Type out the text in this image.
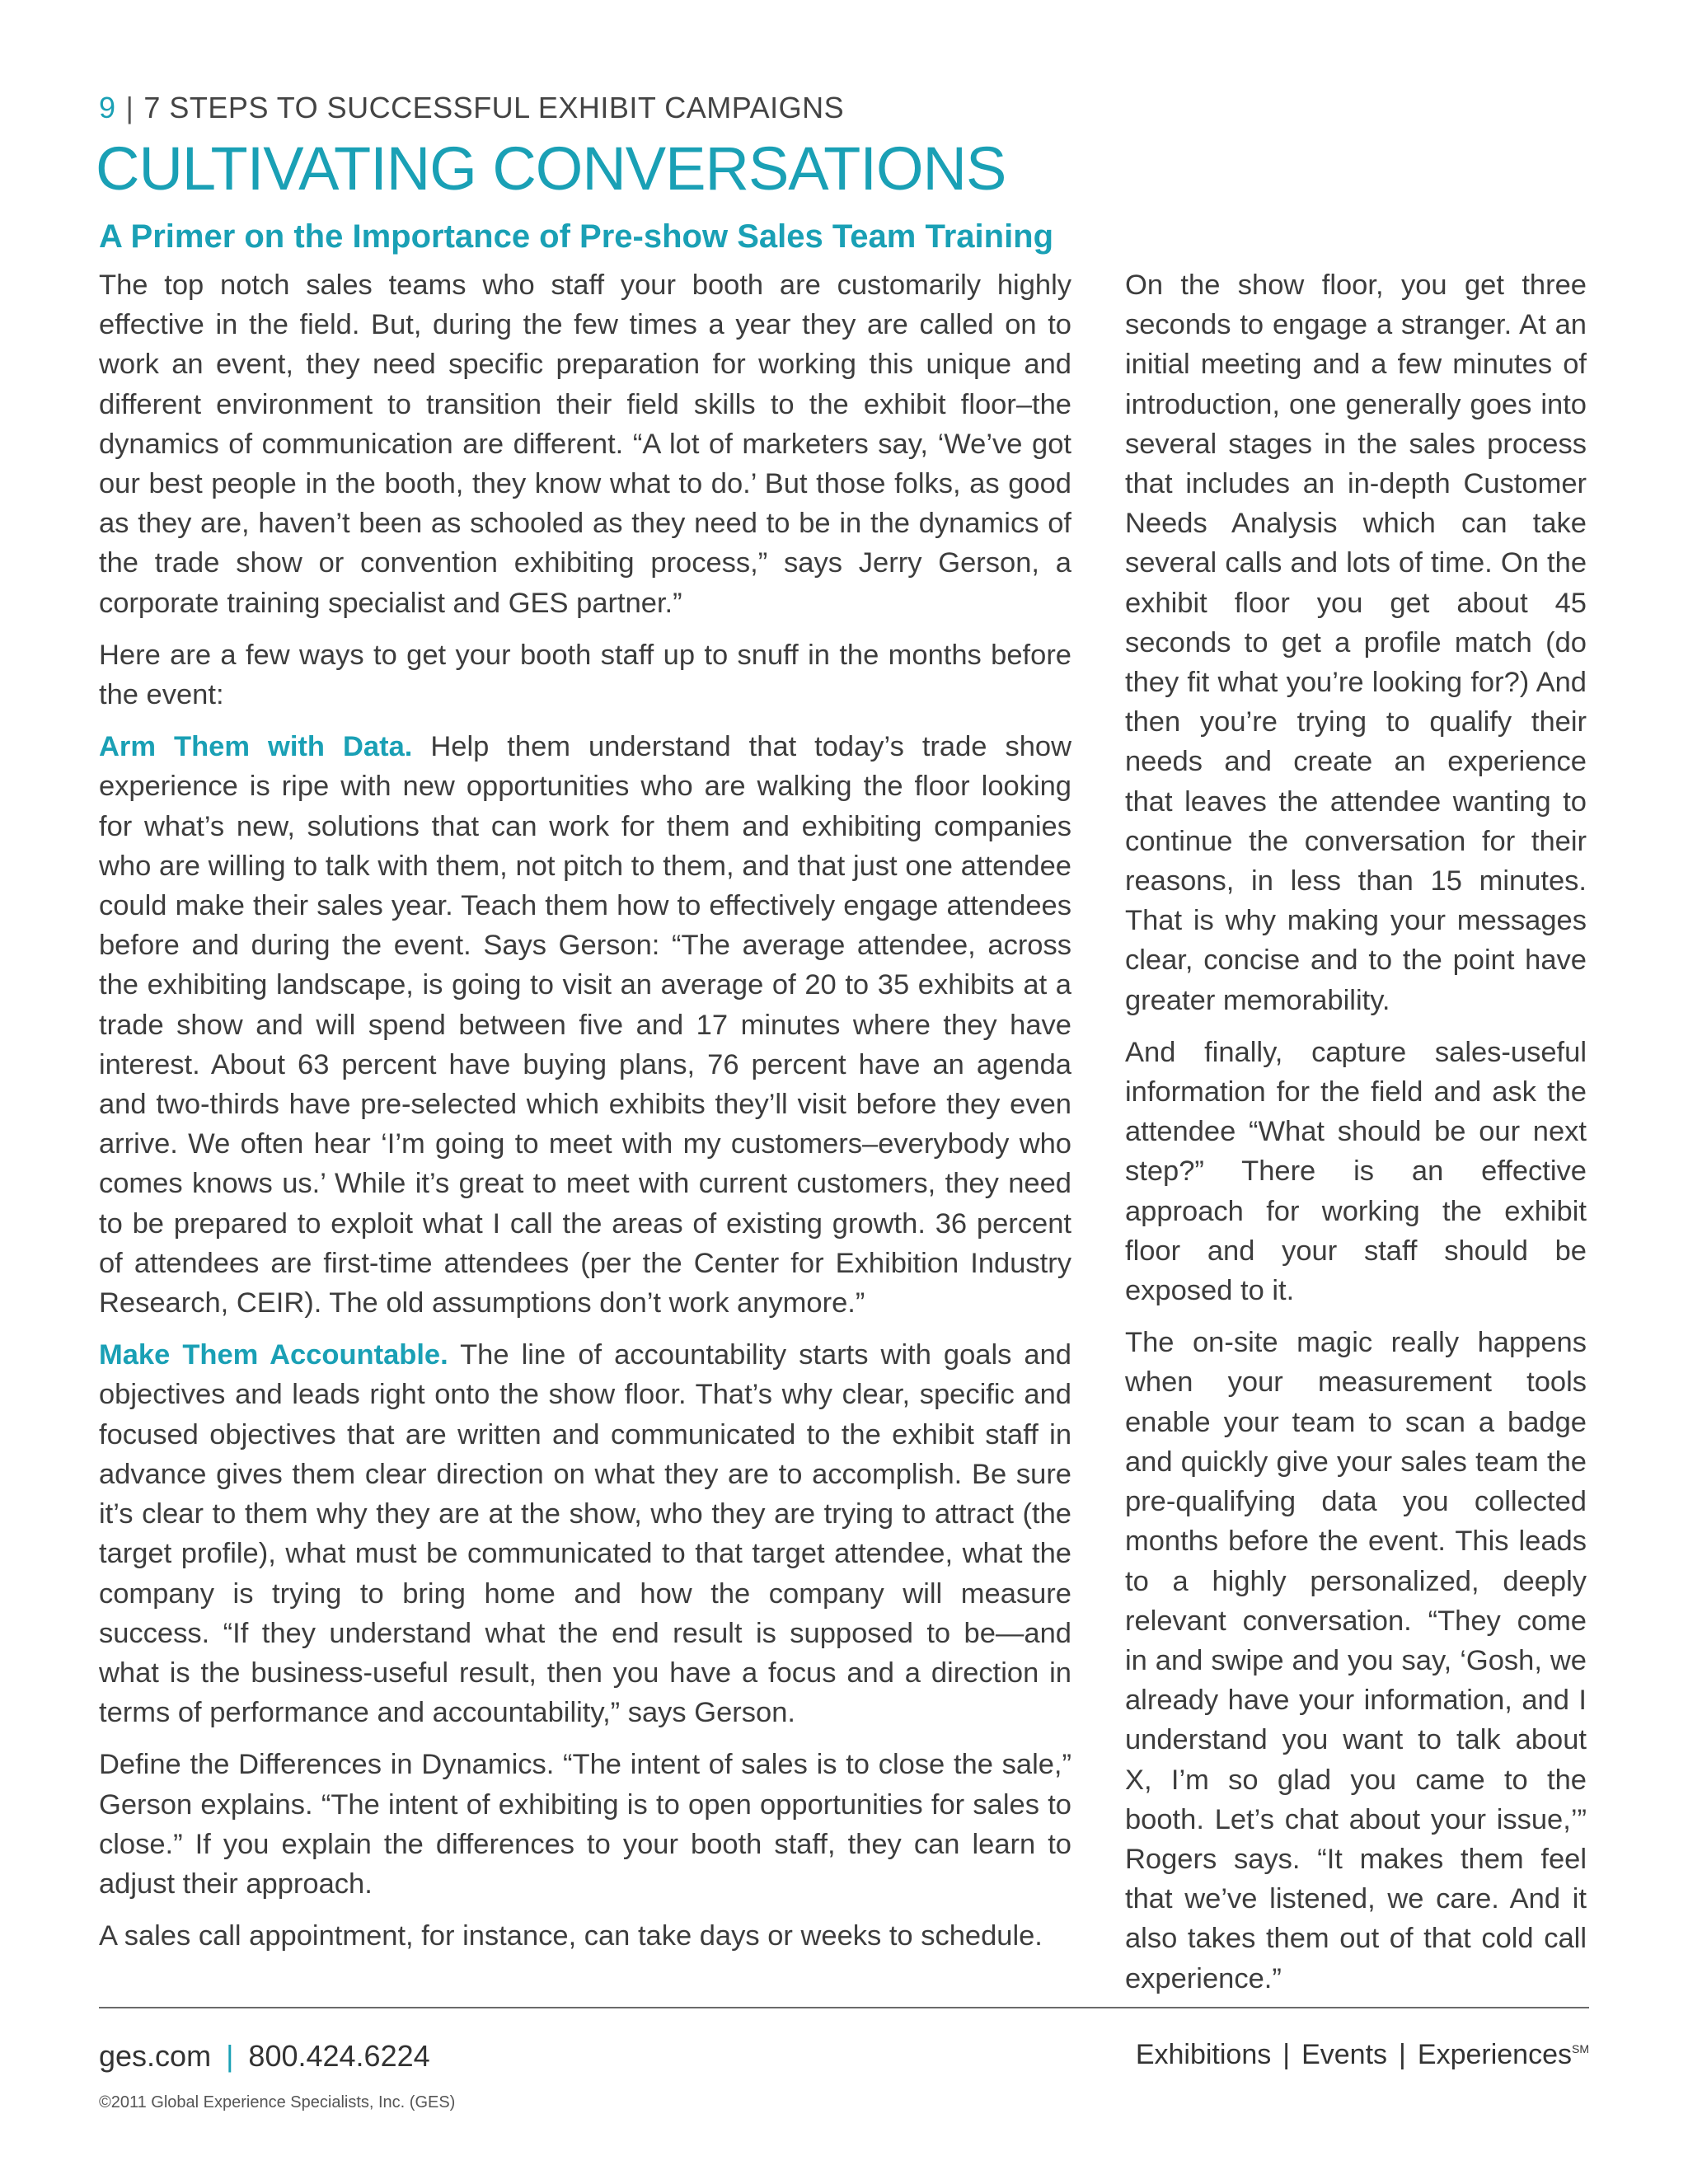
9 | 7 STEPS TO SUCCESSFUL EXHIBIT CAMPAIGNS
CULTIVATING CONVERSATIONS
A Primer on the Importance of Pre-show Sales Team Training

The top notch sales teams who staff your booth are customarily highly effective in the field. But, during the few times a year they are called on to work an event, they need specific preparation for working this unique and different environment to transition their field skills to the exhibit floor–the dynamics of communication are different. “A lot of marketers say, ‘We’ve got our best people in the booth, they know what to do.’ But those folks, as good as they are, haven’t been as schooled as they need to be in the dynamics of the trade show or convention exhibiting process,” says Jerry Gerson, a corporate training specialist and GES partner.”

Here are a few ways to get your booth staff up to snuff in the months before the event:

Arm Them with Data. Help them understand that today’s trade show experience is ripe with new opportunities who are walking the floor looking for what’s new, solutions that can work for them and exhibiting companies who are willing to talk with them, not pitch to them, and that just one attendee could make their sales year. Teach them how to effectively engage attendees before and during the event. Says Gerson: “The average attendee, across the exhibiting landscape, is going to visit an average of 20 to 35 exhibits at a trade show and will spend between five and 17 minutes where they have interest. About 63 percent have buying plans, 76 percent have an agenda and two-thirds have pre-selected which exhibits they’ll visit before they even arrive. We often hear ‘I’m going to meet with my customers–everybody who comes knows us.’ While it’s great to meet with current customers, they need to be prepared to exploit what I call the areas of existing growth. 36 percent of attendees are first-time attendees (per the Center for Exhibition Industry Research, CEIR). The old assumptions don’t work anymore.”

Make Them Accountable. The line of accountability starts with goals and objectives and leads right onto the show floor. That’s why clear, specific and focused objectives that are written and communicated to the exhibit staff in advance gives them clear direction on what they are to accomplish. Be sure it’s clear to them why they are at the show, who they are trying to attract (the target profile), what must be communicated to that target attendee, what the company is trying to bring home and how the company will measure success. “If they understand what the end result is supposed to be—and what is the business-useful result, then you have a focus and a direction in terms of performance and accountability,” says Gerson.

Define the Differences in Dynamics. “The intent of sales is to close the sale,” Gerson explains. “The intent of exhibiting is to open opportunities for sales to close.” If you explain the differences to your booth staff, they can learn to adjust their approach.

A sales call appointment, for instance, can take days or weeks to schedule.

On the show floor, you get three seconds to engage a stranger. At an initial meeting and a few minutes of introduction, one generally goes into several stages in the sales process that includes an in-depth Customer Needs Analysis which can take several calls and lots of time. On the exhibit floor you get about 45 seconds to get a profile match (do they fit what you’re looking for?) And then you’re trying to qualify their needs and create an experience that leaves the attendee wanting to continue the conversation for their reasons, in less than 15 minutes. That is why making your messages clear, concise and to the point have greater memorability.

And finally, capture sales-useful information for the field and ask the attendee “What should be our next step?” There is an effective approach for working the exhibit floor and your staff should be exposed to it.

The on-site magic really happens when your measurement tools enable your team to scan a badge and quickly give your sales team the pre-qualifying data you collected months before the event. This leads to a highly personalized, deeply relevant conversation. “They come in and swipe and you say, ‘Gosh, we already have your information, and I understand you want to talk about X, I’m so glad you came to the booth. Let’s chat about your issue,’” Rogers says. “It makes them feel that we’ve listened, we care. And it also takes them out of that cold call experience.”

ges.com | 800.424.6224	Exhibitions | Events | Experiences℠
©2011 Global Experience Specialists, Inc. (GES)
